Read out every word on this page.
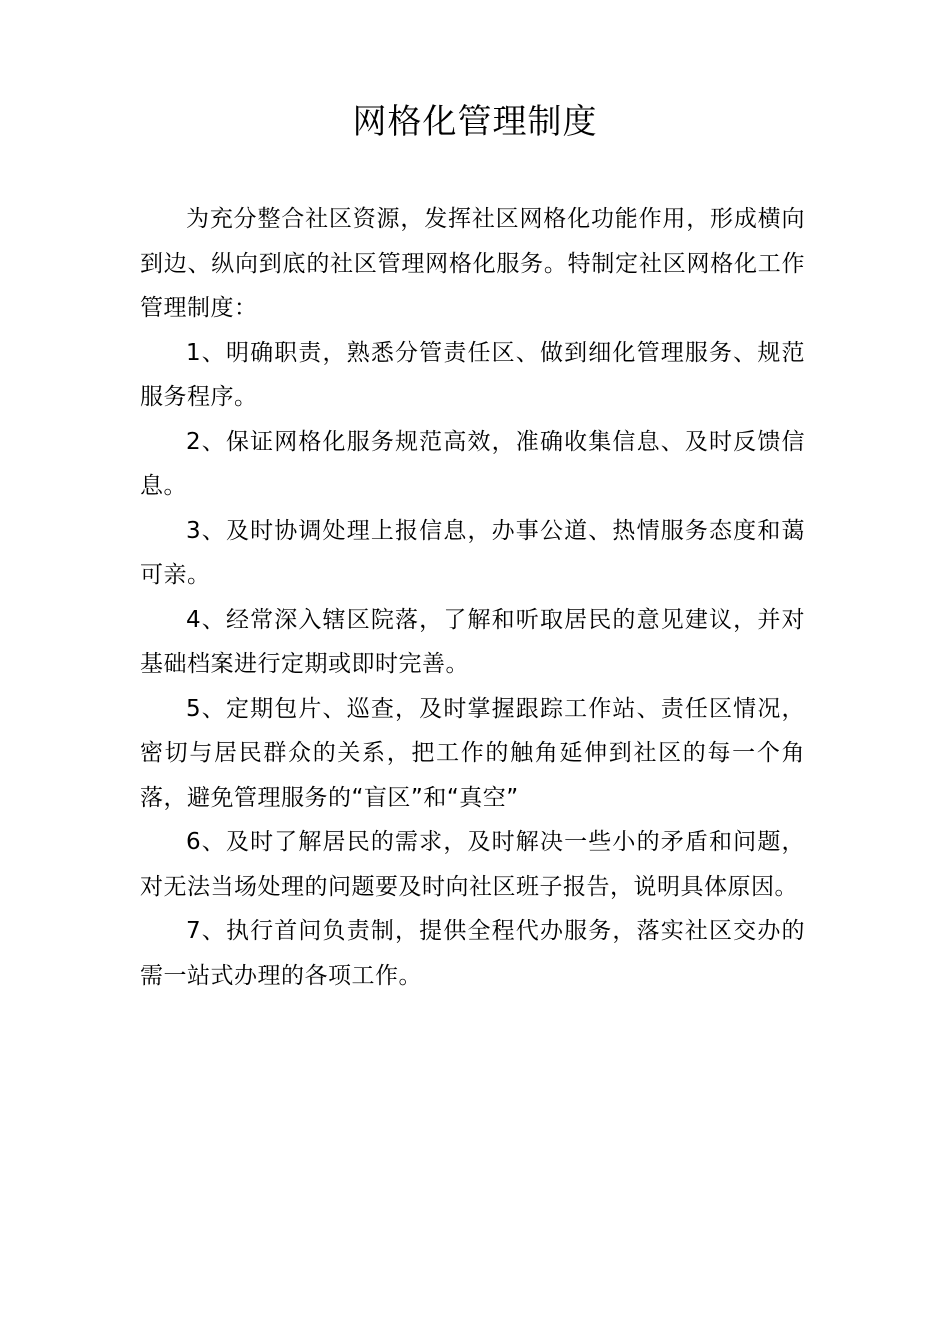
网格化管理制度

为充分整合社区资源，发挥社区网格化功能作用，形成横向到边、纵向到底的社区管理网格化服务。特制定社区网格化工作管理制度：

1、明确职责，熟悉分管责任区、做到细化管理服务、规范服务程序。

2、保证网格化服务规范高效，准确收集信息、及时反馈信息。

3、及时协调处理上报信息，办事公道、热情服务态度和蔼可亲。

4、经常深入辖区院落，了解和听取居民的意见建议，并对基础档案进行定期或即时完善。

5、定期包片、巡查，及时掌握跟踪工作站、责任区情况，密切与居民群众的关系，把工作的触角延伸到社区的每一个角落，避免管理服务的“盲区”和“真空”

6、及时了解居民的需求，及时解决一些小的矛盾和问题，对无法当场处理的问题要及时向社区班子报告，说明具体原因。

7、执行首问负责制，提供全程代办服务，落实社区交办的需一站式办理的各项工作。
